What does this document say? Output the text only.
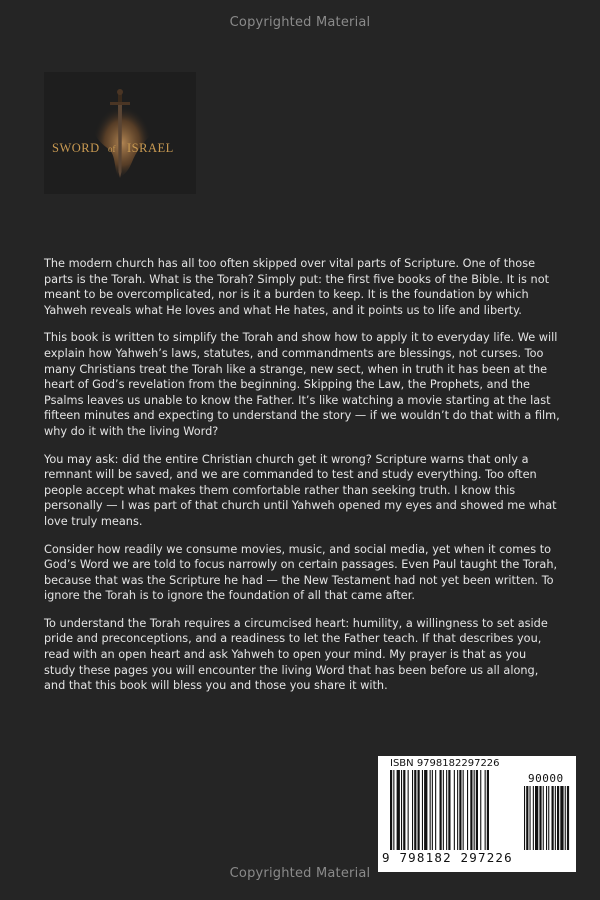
Copyrighted Material
SWORD of ISRAEL

The modern church has all too often skipped over vital parts of Scripture. One of those parts is the Torah. What is the Torah? Simply put: the first five books of the Bible. It is not meant to be overcomplicated, nor is it a burden to keep. It is the foundation by which Yahweh reveals what He loves and what He hates, and it points us to life and liberty.

This book is written to simplify the Torah and show how to apply it to everyday life. We will explain how Yahweh’s laws, statutes, and commandments are blessings, not curses. Too many Christians treat the Torah like a strange, new sect, when in truth it has been at the heart of God’s revelation from the beginning. Skipping the Law, the Prophets, and the Psalms leaves us unable to know the Father. It’s like watching a movie starting at the last fifteen minutes and expecting to understand the story — if we wouldn’t do that with a film, why do it with the living Word?

You may ask: did the entire Christian church get it wrong? Scripture warns that only a remnant will be saved, and we are commanded to test and study everything. Too often people accept what makes them comfortable rather than seeking truth. I know this personally — I was part of that church until Yahweh opened my eyes and showed me what love truly means.

Consider how readily we consume movies, music, and social media, yet when it comes to God’s Word we are told to focus narrowly on certain passages. Even Paul taught the Torah, because that was the Scripture he had — the New Testament had not yet been written. To ignore the Torah is to ignore the foundation of all that came after.

To understand the Torah requires a circumcised heart: humility, a willingness to set aside pride and preconceptions, and a readiness to let the Father teach. If that describes you, read with an open heart and ask Yahweh to open your mind. My prayer is that as you study these pages you will encounter the living Word that has been before us all along, and that this book will bless you and those you share it with.

ISBN 9798182297226
90000
9 798182 297226
Copyrighted Material
